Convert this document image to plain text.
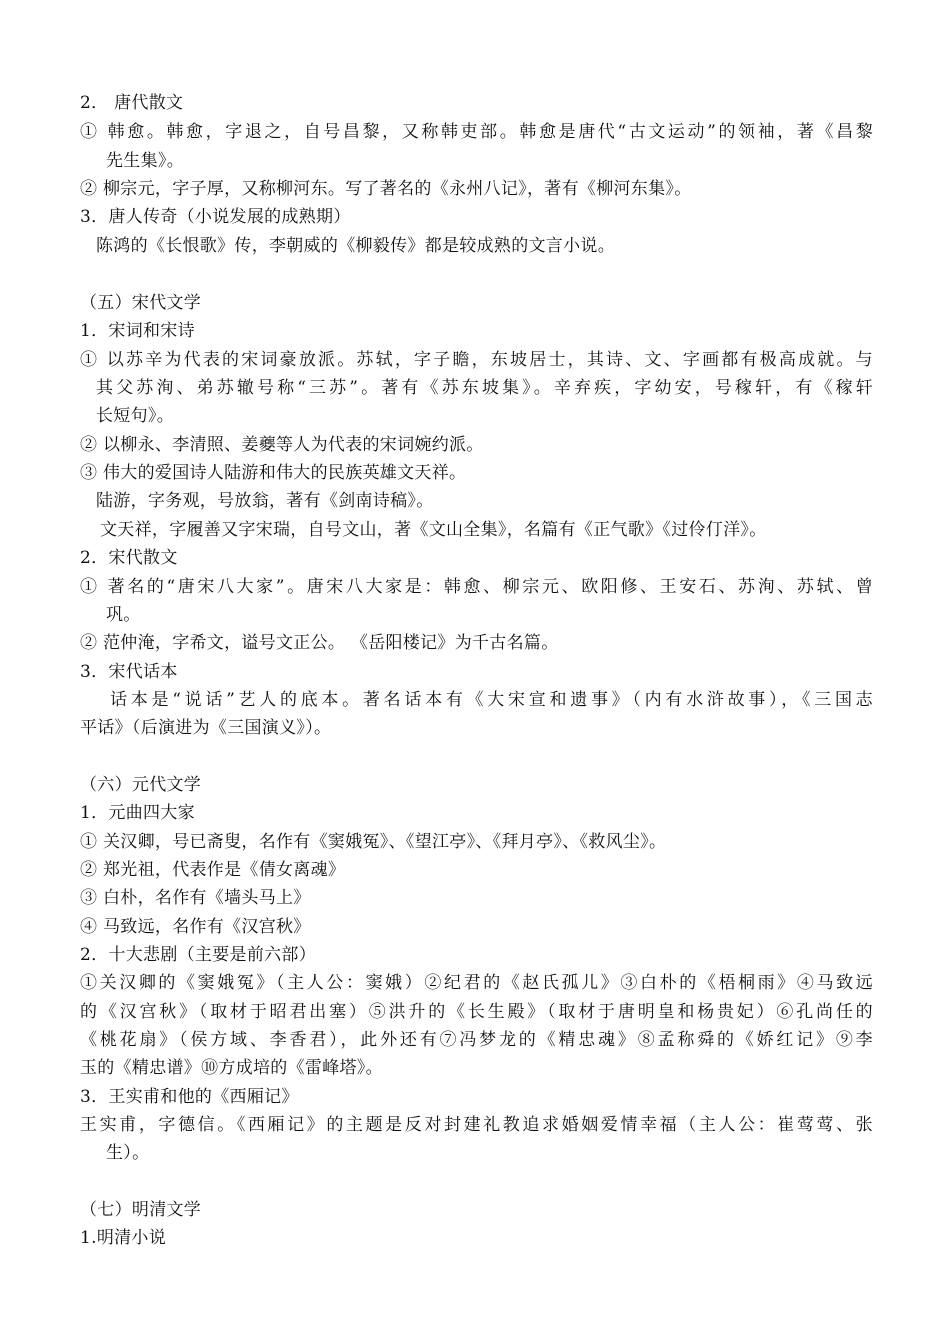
2． 唐代散文
① 韩愈。韩愈，字退之，自号昌黎，又称韩吏部。韩愈是唐代“古文运动”的领袖，著《昌黎
先生集》。
② 柳宗元，字子厚，又称柳河东。写了著名的《永州八记》，著有《柳河东集》。
3．唐人传奇（小说发展的成熟期）
陈鸿的《长恨歌》传，李朝威的《柳毅传》都是较成熟的文言小说。
（五）宋代文学
1．宋词和宋诗
① 以苏辛为代表的宋词豪放派。苏轼，字子瞻，东坡居士，其诗、文、字画都有极高成就。与
其父苏洵、弟苏辙号称“三苏”。著有《苏东坡集》。辛弃疾，字幼安，号稼轩，有《稼轩
长短句》。
② 以柳永、李清照、姜夔等人为代表的宋词婉约派。
③ 伟大的爱国诗人陆游和伟大的民族英雄文天祥。
陆游，字务观，号放翁，著有《剑南诗稿》。
文天祥，字履善又字宋瑞，自号文山，著《文山全集》，名篇有《正气歌》《过伶仃洋》。
2．宋代散文
① 著名的“唐宋八大家”。唐宋八大家是：韩愈、柳宗元、欧阳修、王安石、苏洵、苏轼、曾
巩。
② 范仲淹，字希文，谥号文正公。 《岳阳楼记》为千古名篇。
3．宋代话本
话本是“说话”艺人的底本。著名话本有《大宋宣和遗事》（内有水浒故事），《三国志
平话》（后演进为《三国演义》）。
（六）元代文学
1．元曲四大家
① 关汉卿，号已斋叟，名作有《窦娥冤》、《望江亭》、《拜月亭》、《救风尘》。
② 郑光祖，代表作是《倩女离魂》
③ 白朴，名作有《墙头马上》
④ 马致远，名作有《汉宫秋》
2．十大悲剧（主要是前六部）
①关汉卿的《窦娥冤》（主人公：窦娥）②纪君的《赵氏孤儿》③白朴的《梧桐雨》④马致远
的《汉宫秋》（取材于昭君出塞）⑤洪升的《长生殿》（取材于唐明皇和杨贵妃）⑥孔尚任的
《桃花扇》（侯方域、李香君），此外还有⑦冯梦龙的《精忠魂》⑧孟称舜的《娇红记》⑨李
玉的《精忠谱》⑩方成培的《雷峰塔》。
3．王实甫和他的《西厢记》
王实甫，字德信。《西厢记》的主题是反对封建礼教追求婚姻爱情幸福（主人公：崔莺莺、张
生）。
（七）明清文学
1.明清小说
